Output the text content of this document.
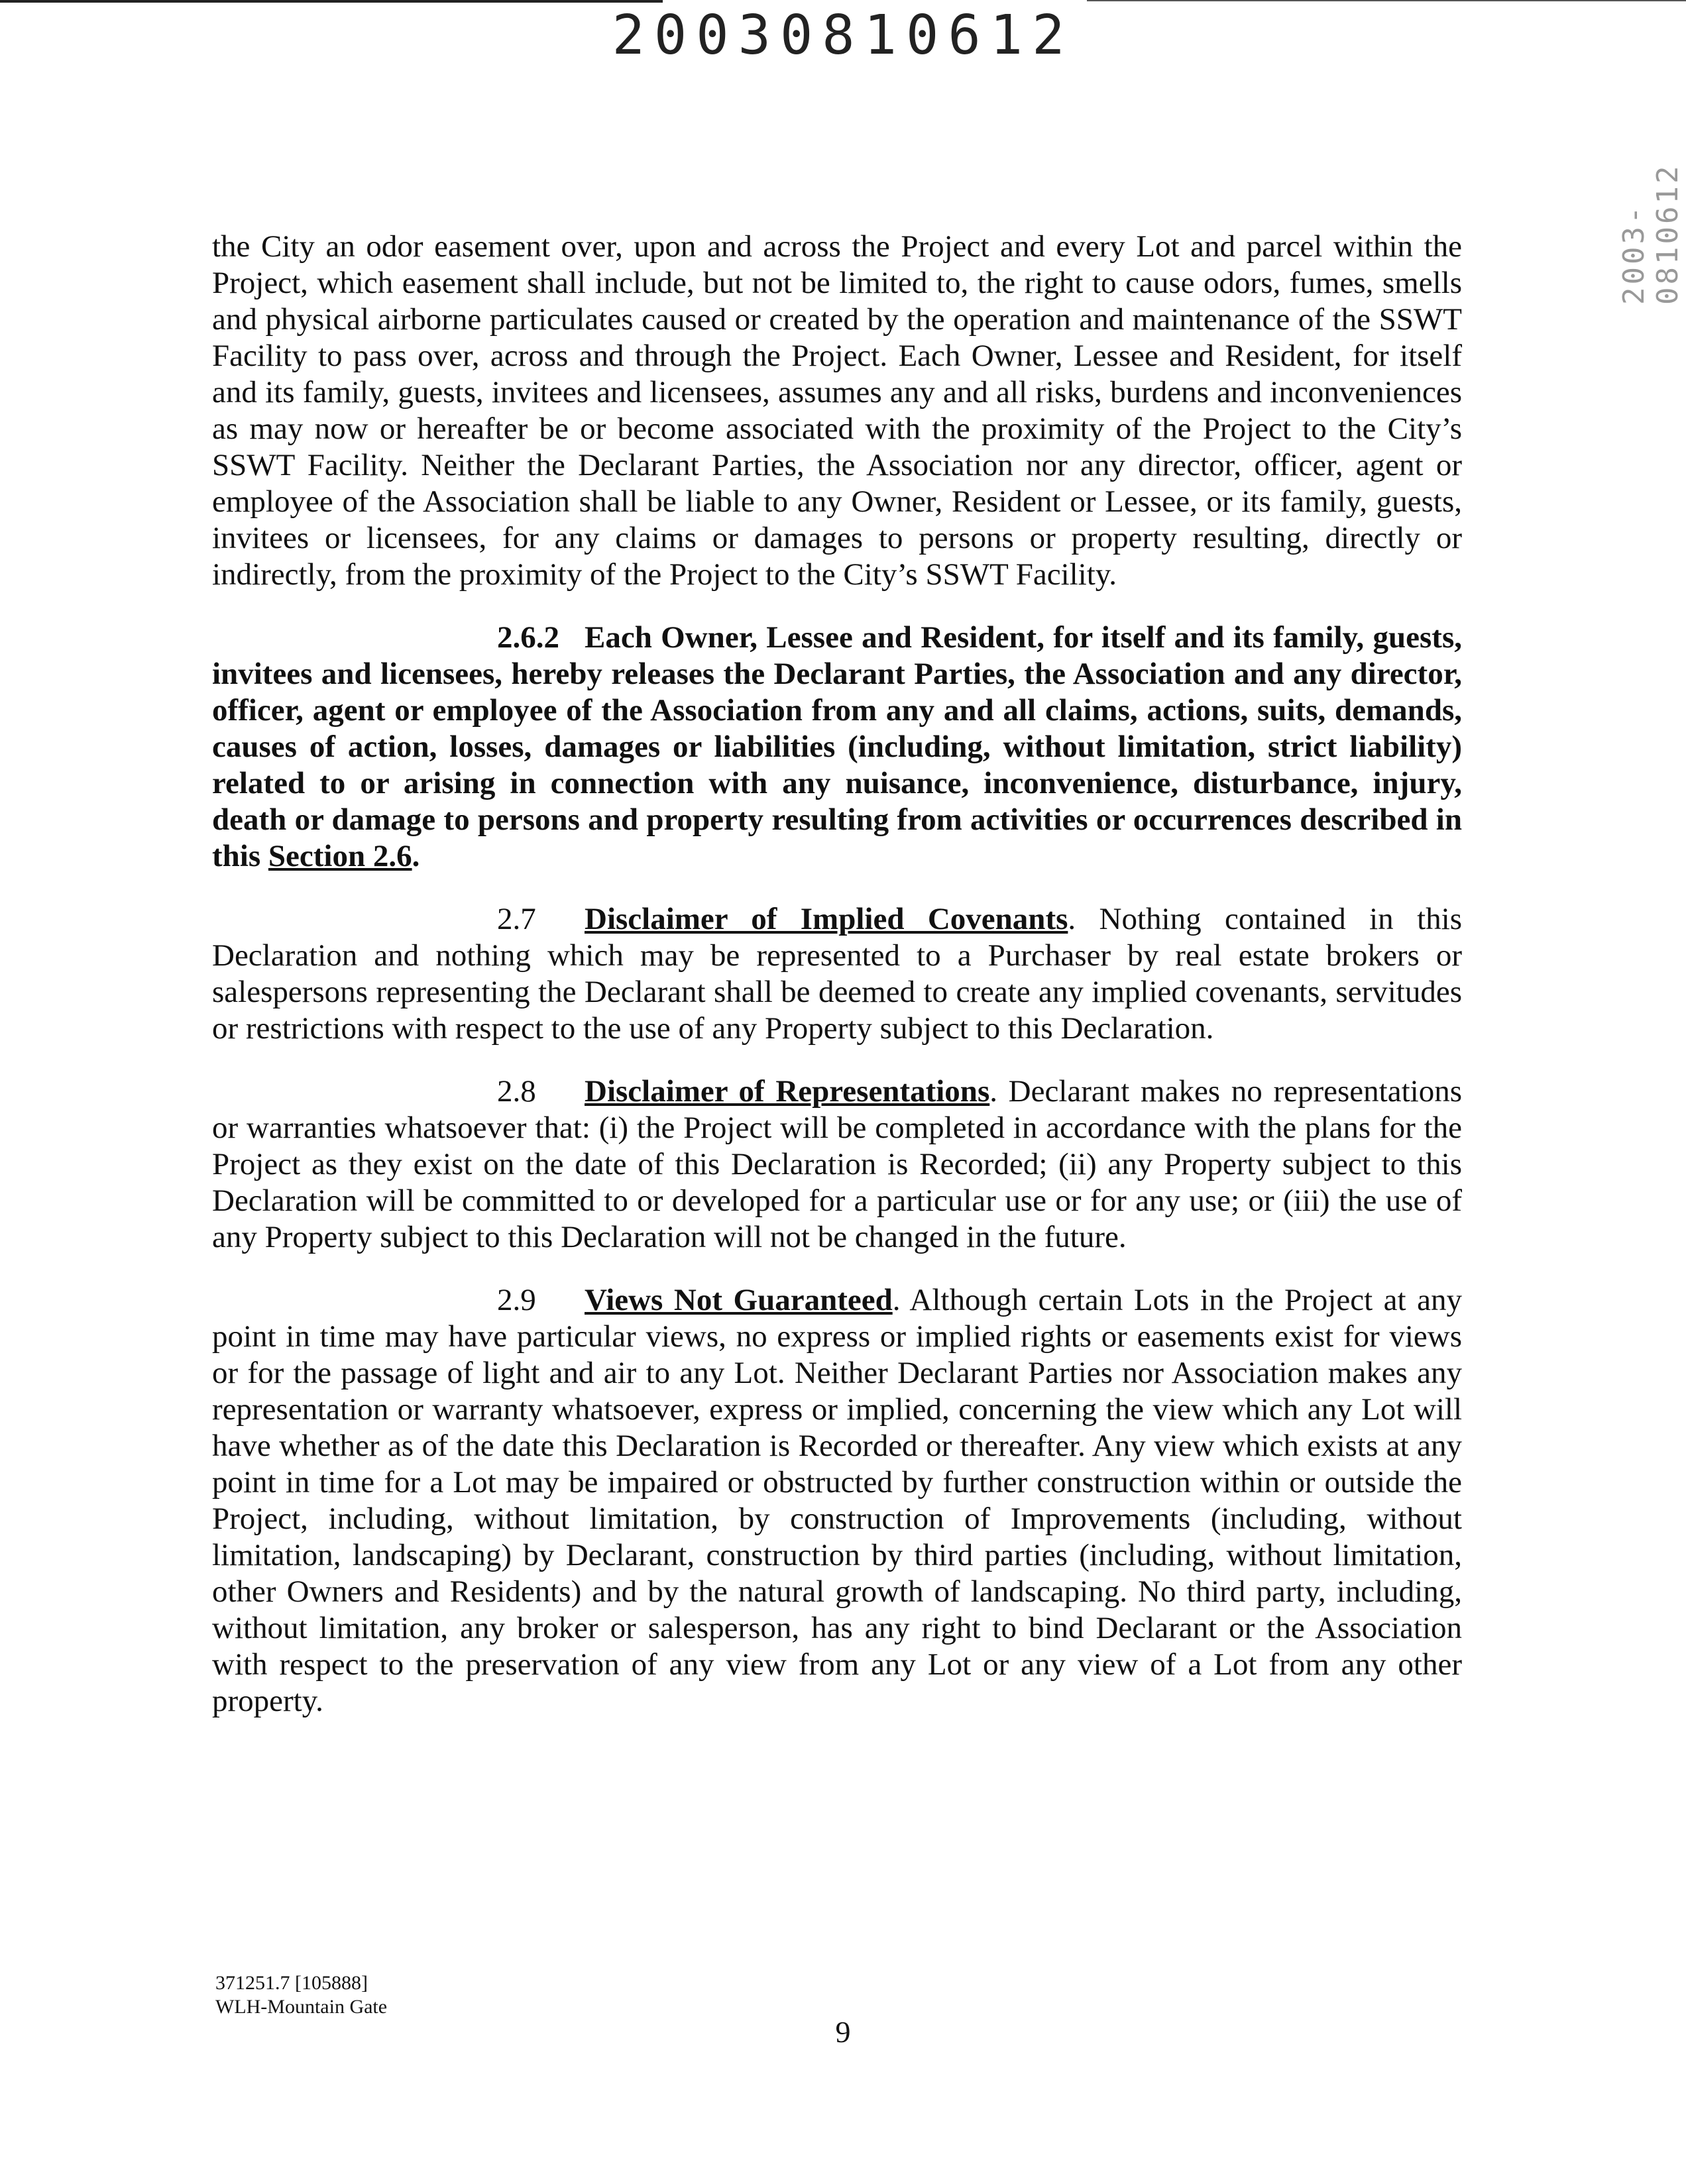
20030810612
2003-0810612

the City an odor easement over, upon and across the Project and every Lot and parcel within the Project, which easement shall include, but not be limited to, the right to cause odors, fumes, smells and physical airborne particulates caused or created by the operation and maintenance of the SSWT Facility to pass over, across and through the Project. Each Owner, Lessee and Resident, for itself and its family, guests, invitees and licensees, assumes any and all risks, burdens and inconveniences as may now or hereafter be or become associated with the proximity of the Project to the City’s SSWT Facility. Neither the Declarant Parties, the Association nor any director, officer, agent or employee of the Association shall be liable to any Owner, Resident or Lessee, or its family, guests, invitees or licensees, for any claims or damages to persons or property resulting, directly or indirectly, from the proximity of the Project to the City’s SSWT Facility.

2.6.2 Each Owner, Lessee and Resident, for itself and its family, guests, invitees and licensees, hereby releases the Declarant Parties, the Association and any director, officer, agent or employee of the Association from any and all claims, actions, suits, demands, causes of action, losses, damages or liabilities (including, without limitation, strict liability) related to or arising in connection with any nuisance, inconvenience, disturbance, injury, death or damage to persons and property resulting from activities or occurrences described in this Section 2.6.

2.7 Disclaimer of Implied Covenants. Nothing contained in this Declaration and nothing which may be represented to a Purchaser by real estate brokers or salespersons representing the Declarant shall be deemed to create any implied covenants, servitudes or restrictions with respect to the use of any Property subject to this Declaration.

2.8 Disclaimer of Representations. Declarant makes no representations or warranties whatsoever that: (i) the Project will be completed in accordance with the plans for the Project as they exist on the date of this Declaration is Recorded; (ii) any Property subject to this Declaration will be committed to or developed for a particular use or for any use; or (iii) the use of any Property subject to this Declaration will not be changed in the future.

2.9 Views Not Guaranteed. Although certain Lots in the Project at any point in time may have particular views, no express or implied rights or easements exist for views or for the passage of light and air to any Lot. Neither Declarant Parties nor Association makes any representation or warranty whatsoever, express or implied, concerning the view which any Lot will have whether as of the date this Declaration is Recorded or thereafter. Any view which exists at any point in time for a Lot may be impaired or obstructed by further construction within or outside the Project, including, without limitation, by construction of Improvements (including, without limitation, landscaping) by Declarant, construction by third parties (including, without limitation, other Owners and Residents) and by the natural growth of landscaping. No third party, including, without limitation, any broker or salesperson, has any right to bind Declarant or the Association with respect to the preservation of any view from any Lot or any view of a Lot from any other property.

371251.7 [105888]
WLH-Mountain Gate
9
